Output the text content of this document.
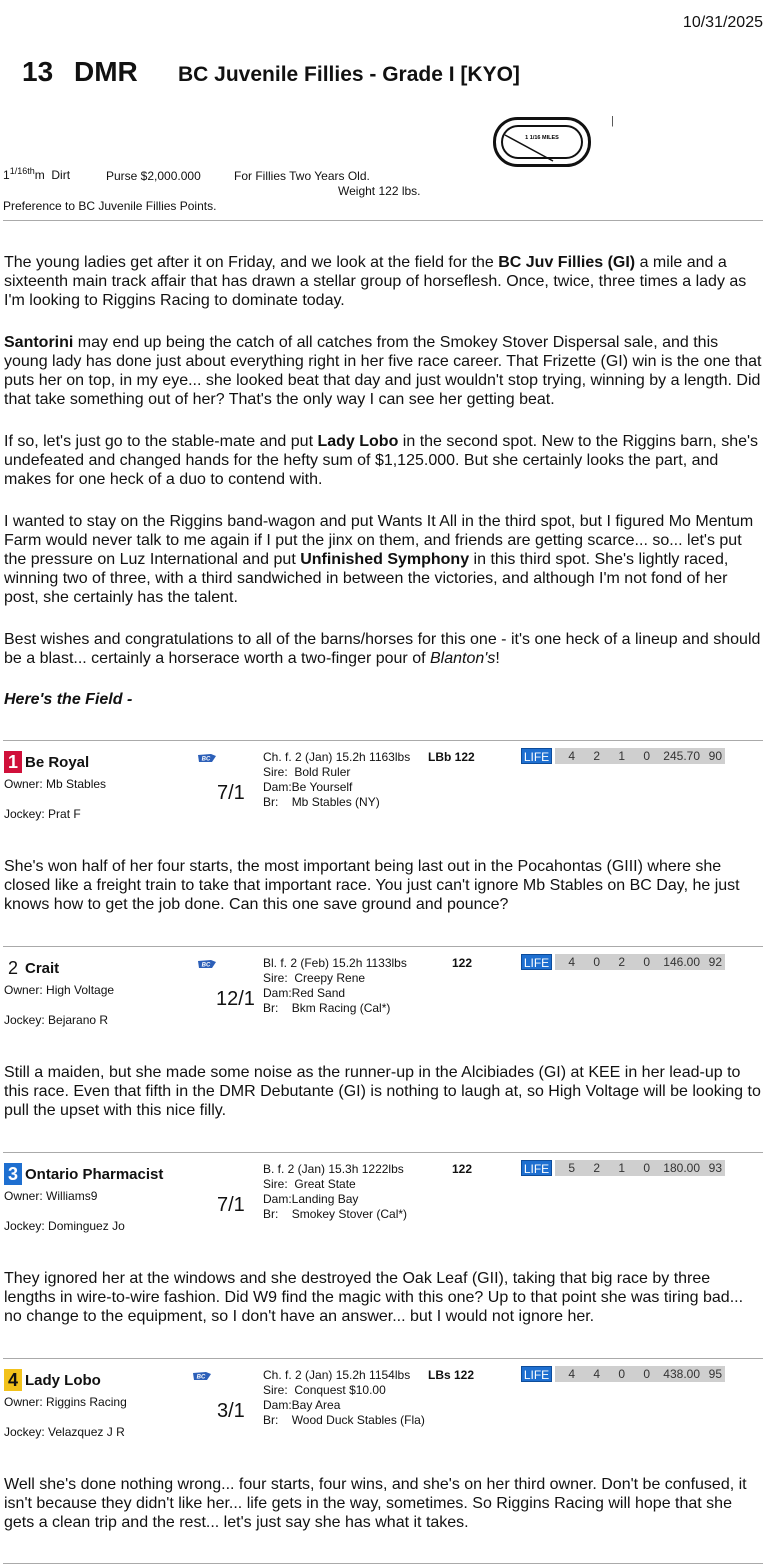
10/31/2025
13 DMR BC Juvenile Fillies - Grade I [KYO]
1 1/16 MILES
|
$1^{1/16th}m$ Dirt	Purse $2,000.000	For Fillies Two Years Old.
Weight 122 lbs.
Preference to BC Juvenile Fillies Points.
The young ladies get after it on Friday, and we look at the field for the BC Juv Fillies (GI) a mile and a sixteenth main track affair that has drawn a stellar group of horseflesh. Once, twice, three times a lady as I'm looking to Riggins Racing to dominate today.
Santorini may end up being the catch of all catches from the Smokey Stover Dispersal sale, and this young lady has done just about everything right in her five race career. That Frizette (GI) win is the one that puts her on top, in my eye... she looked beat that day and just wouldn't stop trying, winning by a length. Did that take something out of her? That's the only way I can see her getting beat.
If so, let's just go to the stable-mate and put Lady Lobo in the second spot. New to the Riggins barn, she's undefeated and changed hands for the hefty sum of $1,125.000. But she certainly looks the part, and makes for one heck of a duo to contend with.
I wanted to stay on the Riggins band-wagon and put Wants It All in the third spot, but I figured Mo Mentum Farm would never talk to me again if I put the jinx on them, and friends are getting scarce... so... let's put the pressure on Luz International and put Unfinished Symphony in this third spot. She's lightly raced, winning two of three, with a third sandwiched in between the victories, and although I'm not fond of her post, she certainly has the talent.
Best wishes and congratulations to all of the barns/horses for this one - it's one heck of a lineup and should be a blast... certainly a horserace worth a two-finger pour of Blanton's!
Here's the Field -
1 Be Royal
Owner: Mb Stables
Jockey: Prat F
BC
7/1
Ch. f. 2 (Jan) 15.2h 1163lbs LBb 122
Sire: Bold Ruler
Dam:Be Yourself
Br: Mb Stables (NY)
LIFE	4	2	1	0	245.70 90
She's won half of her four starts, the most important being last out in the Pocahontas (GIII) where she closed like a freight train to take that important race. You just can't ignore Mb Stables on BC Day, he just knows how to get the job done. Can this one save ground and pounce?
2 Crait
Owner: High Voltage
Jockey: Bejarano R
BC
12/1
Bl. f. 2 (Feb) 15.2h 1133lbs	122
Sire: Creepy Rene
Dam:Red Sand
Br: Bkm Racing (Cal*)
LIFE	4	0	2	0	146.00 92
Still a maiden, but she made some noise as the runner-up in the Alcibiades (GI) at KEE in her lead-up to this race. Even that fifth in the DMR Debutante (GI) is nothing to laugh at, so High Voltage will be looking to pull the upset with this nice filly.
3 Ontario Pharmacist
Owner: Williams9
Jockey: Dominguez Jo
7/1
B. f. 2 (Jan) 15.3h 1222lbs	122
Sire: Great State
Dam:Landing Bay
Br: Smokey Stover (Cal*)
LIFE	5	2	1	0	180.00 93
They ignored her at the windows and she destroyed the Oak Leaf (GII), taking that big race by three lengths in wire-to-wire fashion. Did W9 find the magic with this one? Up to that point she was tiring bad... no change to the equipment, so I don't have an answer... but I would not ignore her.
4 Lady Lobo
Owner: Riggins Racing
Jockey: Velazquez J R
BC
3/1
Ch. f. 2 (Jan) 15.2h 1154lbs LBs 122
Sire: Conquest $10.00
Dam:Bay Area
Br: Wood Duck Stables (Fla)
LIFE	4	4	0	0	438.00 95
Well she's done nothing wrong... four starts, four wins, and she's on her third owner. Don't be confused, it isn't because they didn't like her... life gets in the way, sometimes. So Riggins Racing will hope that she gets a clean trip and the rest... let's just say she has what it takes.
